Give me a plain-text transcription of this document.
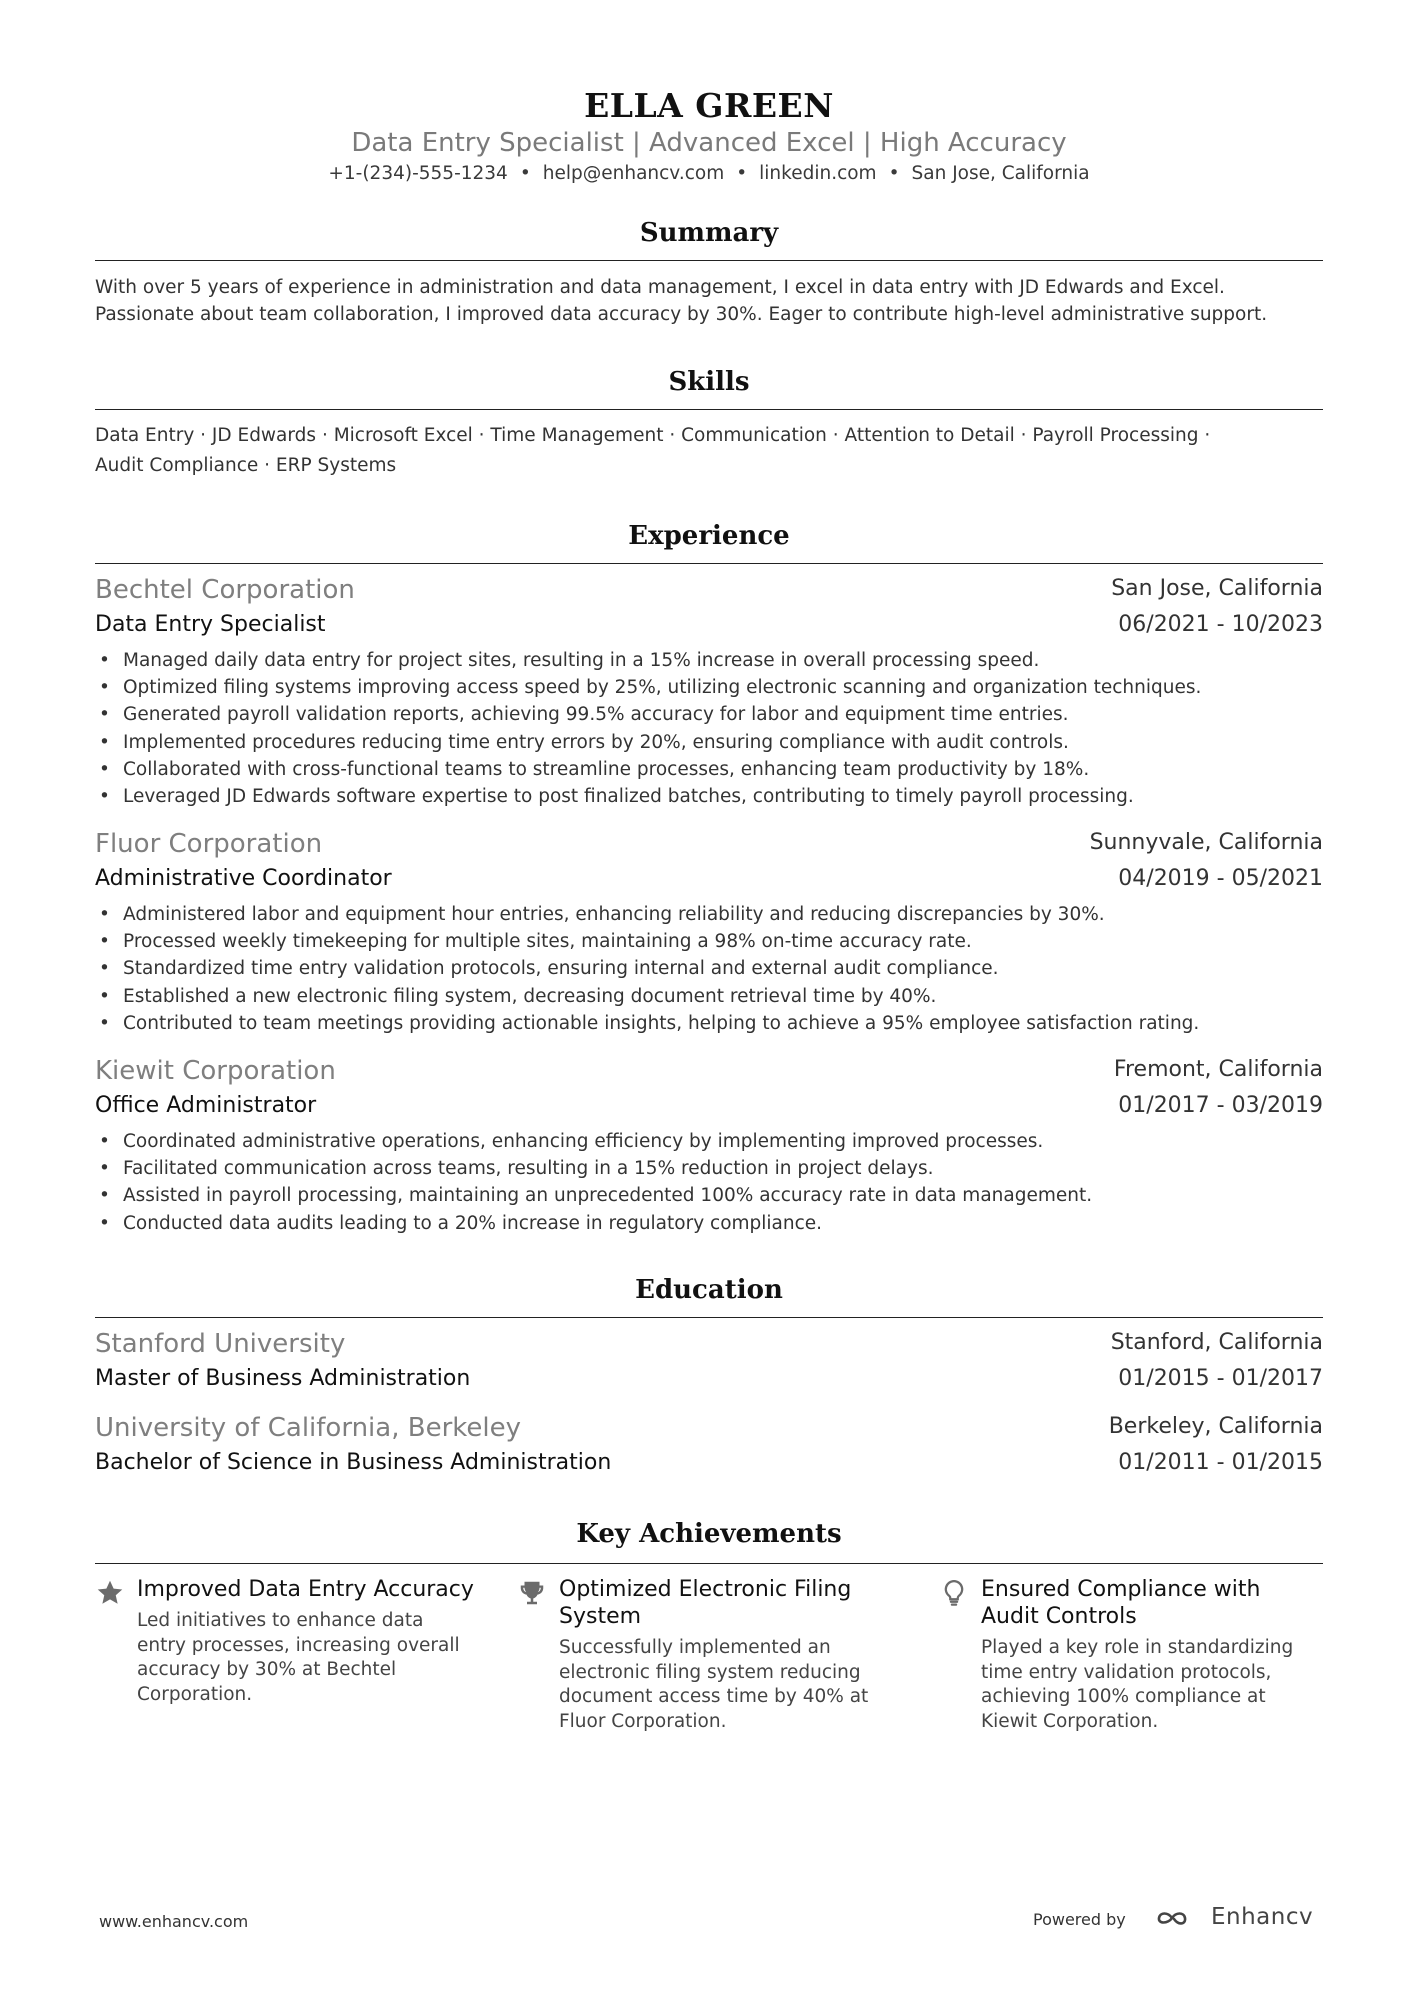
ELLA GREEN
Data Entry Specialist | Advanced Excel | High Accuracy
+1-(234)-555-1234 • help@enhancv.com • linkedin.com • San Jose, California
Summary
With over 5 years of experience in administration and data management, I excel in data entry with JD Edwards and Excel. Passionate about team collaboration, I improved data accuracy by 30%. Eager to contribute high-level administrative support.
Skills
Data Entry · JD Edwards · Microsoft Excel · Time Management · Communication · Attention to Detail · Payroll Processing ·
Audit Compliance · ERP Systems
Experience
Bechtel Corporation	San Jose, California
Data Entry Specialist	06/2021 - 10/2023
• Managed daily data entry for project sites, resulting in a 15% increase in overall processing speed.
• Optimized filing systems improving access speed by 25%, utilizing electronic scanning and organization techniques.
• Generated payroll validation reports, achieving 99.5% accuracy for labor and equipment time entries.
• Implemented procedures reducing time entry errors by 20%, ensuring compliance with audit controls.
• Collaborated with cross-functional teams to streamline processes, enhancing team productivity by 18%.
• Leveraged JD Edwards software expertise to post finalized batches, contributing to timely payroll processing.
Fluor Corporation	Sunnyvale, California
Administrative Coordinator	04/2019 - 05/2021
• Administered labor and equipment hour entries, enhancing reliability and reducing discrepancies by 30%.
• Processed weekly timekeeping for multiple sites, maintaining a 98% on-time accuracy rate.
• Standardized time entry validation protocols, ensuring internal and external audit compliance.
• Established a new electronic filing system, decreasing document retrieval time by 40%.
• Contributed to team meetings providing actionable insights, helping to achieve a 95% employee satisfaction rating.
Kiewit Corporation	Fremont, California
Office Administrator	01/2017 - 03/2019
• Coordinated administrative operations, enhancing efficiency by implementing improved processes.
• Facilitated communication across teams, resulting in a 15% reduction in project delays.
• Assisted in payroll processing, maintaining an unprecedented 100% accuracy rate in data management.
• Conducted data audits leading to a 20% increase in regulatory compliance.
Education
Stanford University	Stanford, California
Master of Business Administration	01/2015 - 01/2017
University of California, Berkeley	Berkeley, California
Bachelor of Science in Business Administration	01/2011 - 01/2015
Key Achievements
Improved Data Entry Accuracy
Led initiatives to enhance data entry processes, increasing overall accuracy by 30% at Bechtel Corporation.
Optimized Electronic Filing System
Successfully implemented an electronic filing system reducing document access time by 40% at Fluor Corporation.
Ensured Compliance with Audit Controls
Played a key role in standardizing time entry validation protocols, achieving 100% compliance at Kiewit Corporation.
www.enhancv.com	Powered by	Enhancv
